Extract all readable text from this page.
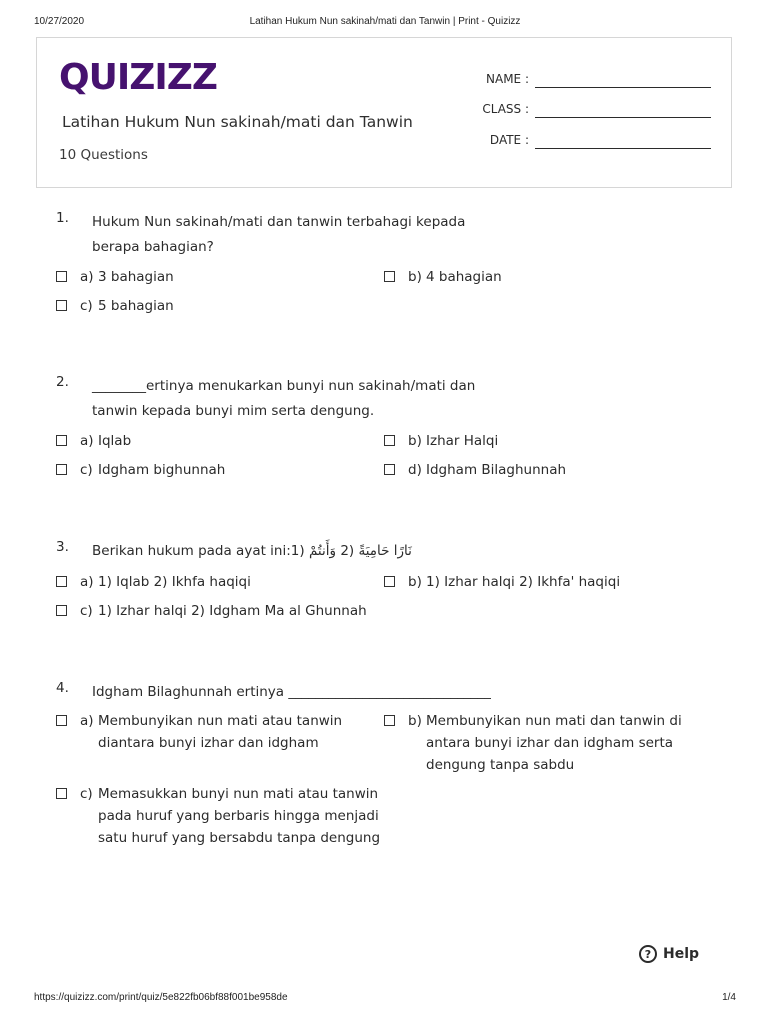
10/27/2020	Latihan Hukum Nun sakinah/mati dan Tanwin | Print - Quizizz
QUIZIZZ
Latihan Hukum Nun sakinah/mati dan Tanwin
10 Questions
NAME :
CLASS :
DATE :
1. Hukum Nun sakinah/mati dan tanwin terbahagi kepada berapa bahagian?
a) 3 bahagian	b) 4 bahagian
c) 5 bahagian
2. ________ertinya menukarkan bunyi nun sakinah/mati dan tanwin kepada bunyi mim serta dengung.
a) Iqlab	b) Izhar Halqi
c) Idgham bighunnah	d) Idgham Bilaghunnah
3. Berikan hukum pada ayat ini:1) نَارًا حَامِيَةً (2 وَأَنتُمْ
a) 1) Iqlab 2) Ikhfa haqiqi	b) 1) Izhar halqi 2) Ikhfa' haqiqi
c) 1) Izhar halqi 2) Idgham Ma al Ghunnah
4. Idgham Bilaghunnah ertinya ______________________________
a) Membunyikan nun mati atau tanwin diantara bunyi izhar dan idgham
b) Membunyikan nun mati dan tanwin di antara bunyi izhar dan idgham serta dengung tanpa sabdu
c) Memasukkan bunyi nun mati atau tanwin pada huruf yang berbaris hingga menjadi satu huruf yang bersabdu tanpa dengung
? Help
https://quizizz.com/print/quiz/5e822fb06bf88f001be958de	1/4
